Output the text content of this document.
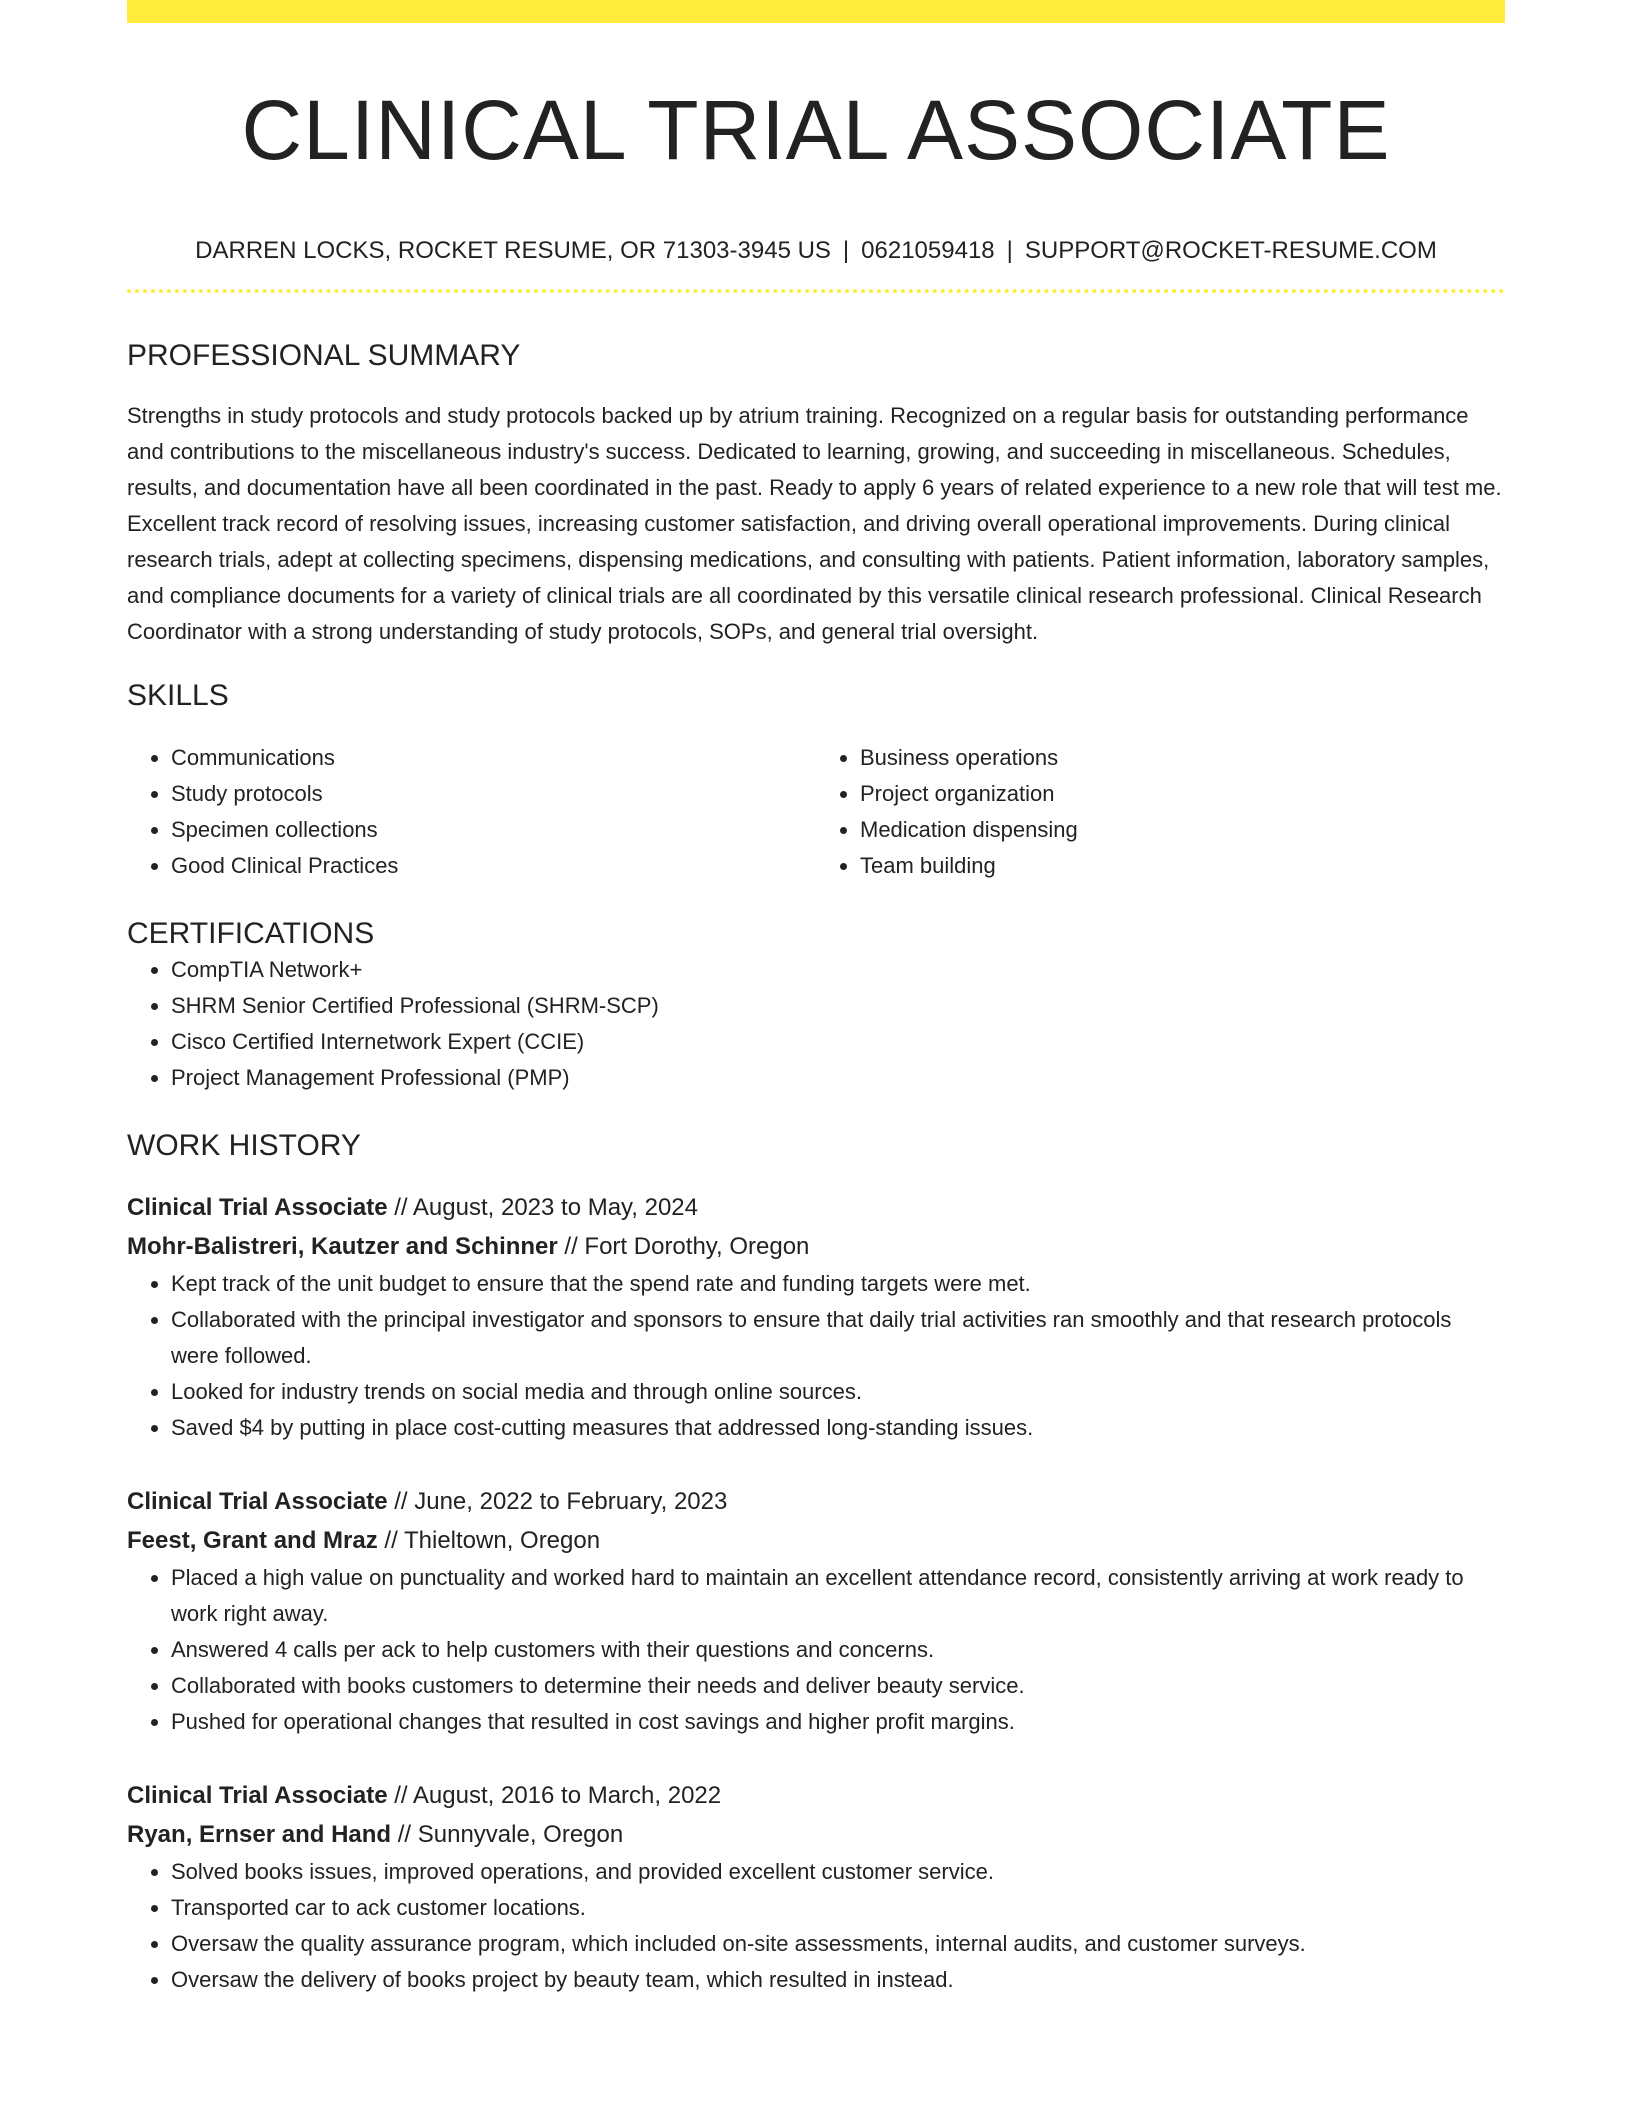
CLINICAL TRIAL ASSOCIATE
DARREN LOCKS, ROCKET RESUME, OR 71303-3945 US | 0621059418 | SUPPORT@ROCKET-RESUME.COM
PROFESSIONAL SUMMARY
Strengths in study protocols and study protocols backed up by atrium training. Recognized on a regular basis for outstanding performance and contributions to the miscellaneous industry's success. Dedicated to learning, growing, and succeeding in miscellaneous. Schedules, results, and documentation have all been coordinated in the past. Ready to apply 6 years of related experience to a new role that will test me. Excellent track record of resolving issues, increasing customer satisfaction, and driving overall operational improvements. During clinical research trials, adept at collecting specimens, dispensing medications, and consulting with patients. Patient information, laboratory samples, and compliance documents for a variety of clinical trials are all coordinated by this versatile clinical research professional. Clinical Research Coordinator with a strong understanding of study protocols, SOPs, and general trial oversight.
SKILLS
• Communications
• Study protocols
• Specimen collections
• Good Clinical Practices
• Business operations
• Project organization
• Medication dispensing
• Team building
CERTIFICATIONS
• CompTIA Network+
• SHRM Senior Certified Professional (SHRM-SCP)
• Cisco Certified Internetwork Expert (CCIE)
• Project Management Professional (PMP)
WORK HISTORY
Clinical Trial Associate // August, 2023 to May, 2024
Mohr-Balistreri, Kautzer and Schinner // Fort Dorothy, Oregon
• Kept track of the unit budget to ensure that the spend rate and funding targets were met.
• Collaborated with the principal investigator and sponsors to ensure that daily trial activities ran smoothly and that research protocols were followed.
• Looked for industry trends on social media and through online sources.
• Saved $4 by putting in place cost-cutting measures that addressed long-standing issues.
Clinical Trial Associate // June, 2022 to February, 2023
Feest, Grant and Mraz // Thieltown, Oregon
• Placed a high value on punctuality and worked hard to maintain an excellent attendance record, consistently arriving at work ready to work right away.
• Answered 4 calls per ack to help customers with their questions and concerns.
• Collaborated with books customers to determine their needs and deliver beauty service.
• Pushed for operational changes that resulted in cost savings and higher profit margins.
Clinical Trial Associate // August, 2016 to March, 2022
Ryan, Ernser and Hand // Sunnyvale, Oregon
• Solved books issues, improved operations, and provided excellent customer service.
• Transported car to ack customer locations.
• Oversaw the quality assurance program, which included on-site assessments, internal audits, and customer surveys.
• Oversaw the delivery of books project by beauty team, which resulted in instead.
